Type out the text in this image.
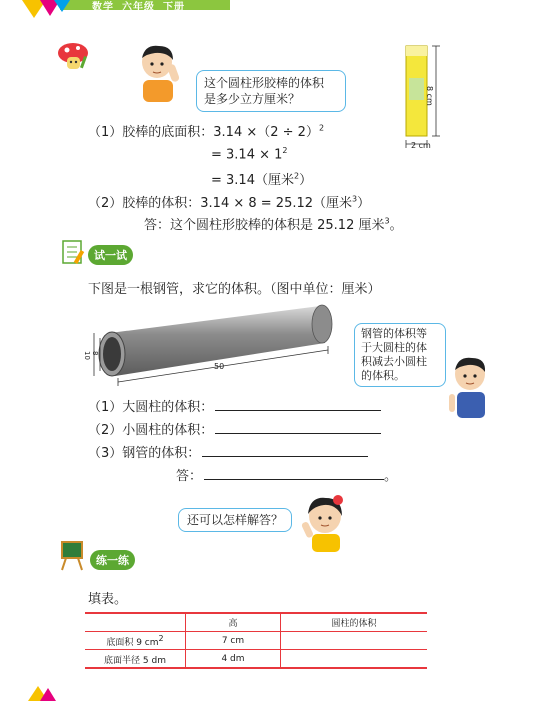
数学 六年级 下册
这个圆柱形胶棒的体积
是多少立方厘米？	8 cm
2 cm
（1）胶棒的底面积：$3.14 \times(2 \div 2)^2$
= $3.14 \times 1^2$
= 3.14（厘米$^2$）
（2）胶棒的体积：3.14 × 8 = 25.12（厘米$^3$）
答：这个圆柱形胶棒的体积是 25.12 厘米$^3$。
试一试
下图是一根钢管，求它的体积。（图中单位：厘米）
50
10 8
钢管的体积等
于大圆柱的体
积减去小圆柱
的体积。
（1）大圆柱的体积：
（2）小圆柱的体积：
（3）钢管的体积：
答：	。
还可以怎样解答？
练一练
填表。
	高	圆柱的体积
底面积 9 $cm^2$	7 cm	
底面半径 5 dm	4 dm	
